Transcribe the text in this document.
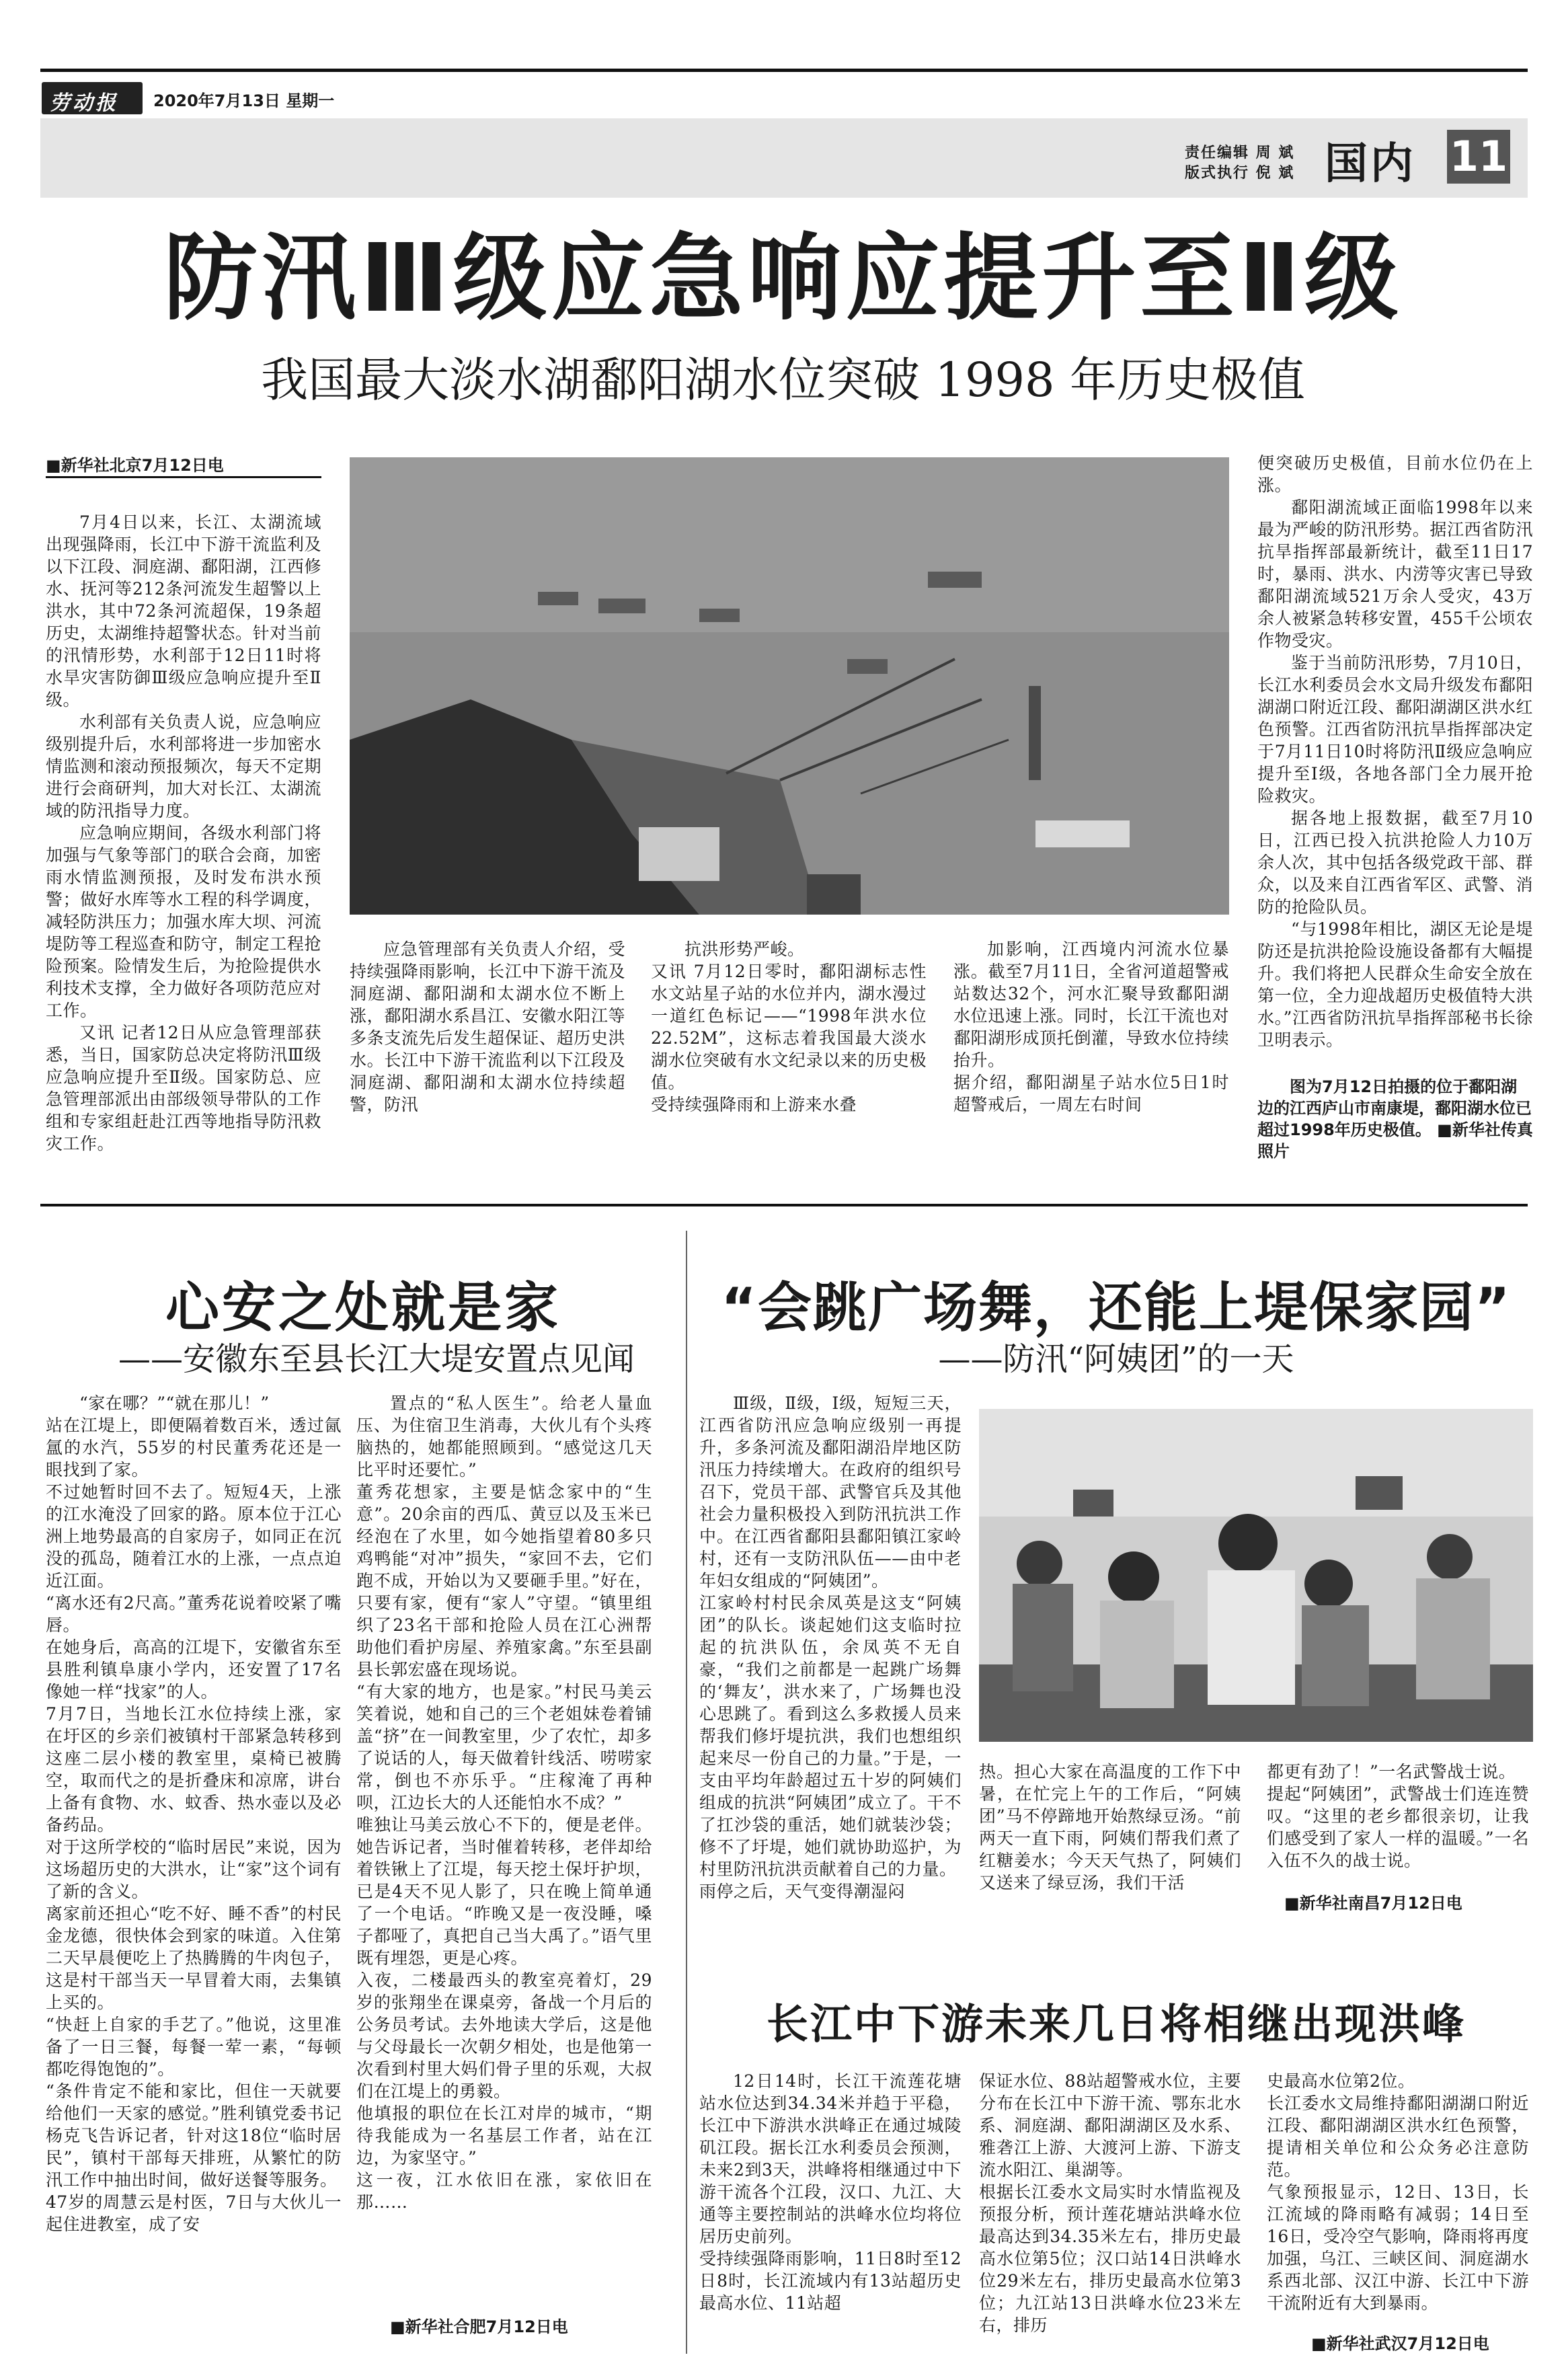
劳动报 2020年7月13日 星期一
责任编辑 周 斌
版式执行 倪 斌 国内 11
防汛Ⅲ级应急响应提升至Ⅱ级
我国最大淡水湖鄱阳湖水位突破 1998 年历史极值
■新华社北京7月12日电

7月4日以来，长江、太湖流域出现强降雨，长江中下游干流监利及以下江段、洞庭湖、鄱阳湖，江西修水、抚河等212条河流发生超警以上洪水，其中72条河流超保，19条超历史，太湖维持超警状态。针对当前的汛情形势，水利部于12日11时将水旱灾害防御Ⅲ级应急响应提升至Ⅱ级。

水利部有关负责人说，应急响应级别提升后，水利部将进一步加密水情监测和滚动预报频次，每天不定期进行会商研判，加大对长江、太湖流域的防汛指导力度。

应急响应期间，各级水利部门将加强与气象等部门的联合会商，加密雨水情监测预报，及时发布洪水预警；做好水库等水工程的科学调度，减轻防洪压力；加强水库大坝、河流堤防等工程巡查和防守，制定工程抢险预案。险情发生后，为抢险提供水利技术支撑，全力做好各项防范应对工作。

又讯 记者12日从应急管理部获悉，当日，国家防总决定将防汛Ⅲ级应急响应提升至Ⅱ级。国家防总、应急管理部派出由部级领导带队的工作组和专家组赶赴江西等地指导防汛救灾工作。

应急管理部有关负责人介绍，受持续强降雨影响，长江中下游干流及洞庭湖、鄱阳湖和太湖水位不断上涨，鄱阳湖水系昌江、安徽水阳江等多条支流先后发生超保证、超历史洪水。长江中下游干流监利以下江段及洞庭湖、鄱阳湖和太湖水位持续超警，防汛
抗洪形势严峻。
又讯 7月12日零时，鄱阳湖标志性水文站星子站的水位并内，湖水漫过一道红色标记——“1998年洪水位22.52M”，这标志着我国最大淡水湖水位突破有水文纪录以来的历史极值。
受持续强降雨和上游来水叠
加影响，江西境内河流水位暴涨。截至7月11日，全省河道超警戒站数达32个，河水汇聚导致鄱阳湖水位迅速上涨。同时，长江干流也对鄱阳湖形成顶托倒灌，导致水位持续抬升。
据介绍，鄱阳湖星子站水位5日1时超警戒后，一周左右时间

便突破历史极值，目前水位仍在上涨。

鄱阳湖流域正面临1998年以来最为严峻的防汛形势。据江西省防汛抗旱指挥部最新统计，截至11日17时，暴雨、洪水、内涝等灾害已导致鄱阳湖流域521万余人受灾，43万余人被紧急转移安置，455千公顷农作物受灾。

鉴于当前防汛形势，7月10日，长江水利委员会水文局升级发布鄱阳湖湖口附近江段、鄱阳湖湖区洪水红色预警。江西省防汛抗旱指挥部决定于7月11日10时将防汛Ⅱ级应急响应提升至Ⅰ级，各地各部门全力展开抢险救灾。

据各地上报数据，截至7月10日，江西已投入抗洪抢险人力10万余人次，其中包括各级党政干部、群众，以及来自江西省军区、武警、消防的抢险队员。

“与1998年相比，湖区无论是堤防还是抗洪抢险设施设备都有大幅提升。我们将把人民群众生命安全放在第一位，全力迎战超历史极值特大洪水。”江西省防汛抗旱指挥部秘书长徐卫明表示。

图为7月12日拍摄的位于鄱阳湖边的江西庐山市南康堤，鄱阳湖水位已超过1998年历史极值。 ■新华社传真照片
心安之处就是家
——安徽东至县长江大堤安置点见闻
“家在哪？”“就在那儿！”
站在江堤上，即便隔着数百米，透过氤氲的水汽，55岁的村民董秀花还是一眼找到了家。
不过她暂时回不去了。短短4天，上涨的江水淹没了回家的路。原本位于江心洲上地势最高的自家房子，如同正在沉没的孤岛，随着江水的上涨，一点点迫近江面。
“离水还有2尺高。”董秀花说着咬紧了嘴唇。
在她身后，高高的江堤下，安徽省东至县胜利镇阜康小学内，还安置了17名像她一样“找家”的人。
7月7日，当地长江水位持续上涨，家在圩区的乡亲们被镇村干部紧急转移到这座二层小楼的教室里，桌椅已被腾空，取而代之的是折叠床和凉席，讲台上备有食物、水、蚊香、热水壶以及必备药品。
对于这所学校的“临时居民”来说，因为这场超历史的大洪水，让“家”这个词有了新的含义。
离家前还担心“吃不好、睡不香”的村民金龙德，很快体会到家的味道。入住第二天早晨便吃上了热腾腾的牛肉包子，这是村干部当天一早冒着大雨，去集镇上买的。
“快赶上自家的手艺了。”他说，这里准备了一日三餐，每餐一荤一素，“每顿都吃得饱饱的”。
“条件肯定不能和家比，但住一天就要给他们一天家的感觉。”胜利镇党委书记杨克飞告诉记者，针对这18位“临时居民”，镇村干部每天排班，从繁忙的防汛工作中抽出时间，做好送餐等服务。
47岁的周慧云是村医，7日与大伙儿一起住进教室，成了安
置点的“私人医生”。给老人量血压、为住宿卫生消毒，大伙儿有个头疼脑热的，她都能照顾到。“感觉这几天比平时还要忙。”
董秀花想家，主要是惦念家中的“生意”。20余亩的西瓜、黄豆以及玉米已经泡在了水里，如今她指望着80多只鸡鸭能“对冲”损失，“家回不去，它们跑不成，开始以为又要砸手里。”好在，只要有家，便有“家人”守望。“镇里组织了23名干部和抢险人员在江心洲帮助他们看护房屋、养殖家禽。”东至县副县长郭宏盛在现场说。
“有大家的地方，也是家。”村民马美云笑着说，她和自己的三个老姐妹卷着铺盖“挤”在一间教室里，少了农忙，却多了说话的人，每天做着针线活、唠唠家常，倒也不亦乐乎。“庄稼淹了再种呗，江边长大的人还能怕水不成？”
唯独让马美云放心不下的，便是老伴。她告诉记者，当时催着转移，老伴却给着铁锹上了江堤，每天挖土保圩护坝，已是4天不见人影了，只在晚上简单通了一个电话。“昨晚又是一夜没睡，嗓子都哑了，真把自己当大禹了。”语气里既有埋怨，更是心疼。
入夜，二楼最西头的教室亮着灯，29岁的张翔坐在课桌旁，备战一个月后的公务员考试。去外地读大学后，这是他与父母最长一次朝夕相处，也是他第一次看到村里大妈们骨子里的乐观，大叔们在江堤上的勇毅。
他填报的职位在长江对岸的城市，“期待我能成为一名基层工作者，站在江边，为家坚守。”
这一夜，江水依旧在涨，家依旧在那……
■新华社合肥7月12日电
“会跳广场舞，还能上堤保家园”
——防汛“阿姨团”的一天
Ⅲ级，Ⅱ级，Ⅰ级，短短三天，江西省防汛应急响应级别一再提升，多条河流及鄱阳湖沿岸地区防汛压力持续增大。在政府的组织号召下，党员干部、武警官兵及其他社会力量积极投入到防汛抗洪工作中。在江西省鄱阳县鄱阳镇江家岭村，还有一支防汛队伍——由中老年妇女组成的“阿姨团”。
江家岭村村民余凤英是这支“阿姨团”的队长。谈起她们这支临时拉起的抗洪队伍，余凤英不无自豪，“我们之前都是一起跳广场舞的‘舞友’，洪水来了，广场舞也没心思跳了。看到这么多救援人员来帮我们修圩堤抗洪，我们也想组织起来尽一份自己的力量。”于是，一支由平均年龄超过五十岁的阿姨们组成的抗洪“阿姨团”成立了。干不了扛沙袋的重活，她们就装沙袋；修不了圩堤，她们就协助巡护，为村里防汛抗洪贡献着自己的力量。
雨停之后，天气变得潮湿闷
热。担心大家在高温度的工作下中暑，在忙完上午的工作后，“阿姨团”马不停蹄地开始熬绿豆汤。“前两天一直下雨，阿姨们帮我们煮了红糖姜水；今天天气热了，阿姨们又送来了绿豆汤，我们干活
都更有劲了！”一名武警战士说。
提起“阿姨团”，武警战士们连连赞叹。“这里的老乡都很亲切，让我们感受到了家人一样的温暖。”一名入伍不久的战士说。
■新华社南昌7月12日电
长江中下游未来几日将相继出现洪峰
12日14时，长江干流莲花塘站水位达到34.34米并趋于平稳，长江中下游洪水洪峰正在通过城陵矶江段。据长江水利委员会预测，未来2到3天，洪峰将相继通过中下游干流各个江段，汉口、九江、大通等主要控制站的洪峰水位均将位居历史前列。
受持续强降雨影响，11日8时至12日8时，长江流域内有13站超历史最高水位、11站超
保证水位、88站超警戒水位，主要分布在长江中下游干流、鄂东北水系、洞庭湖、鄱阳湖湖区及水系、雅砻江上游、大渡河上游、下游支流水阳江、巢湖等。
根据长江委水文局实时水情监视及预报分析，预计莲花塘站洪峰水位最高达到34.35米左右，排历史最高水位第5位；汉口站14日洪峰水位29米左右，排历史最高水位第3位；九江站13日洪峰水位23米左右，排历
史最高水位第2位。
长江委水文局维持鄱阳湖湖口附近江段、鄱阳湖湖区洪水红色预警，提请相关单位和公众务必注意防范。
气象预报显示，12日、13日，长江流域的降雨略有减弱；14日至16日，受冷空气影响，降雨将再度加强，乌江、三峡区间、洞庭湖水系西北部、汉江中游、长江中下游干流附近有大到暴雨。
■新华社武汉7月12日电
